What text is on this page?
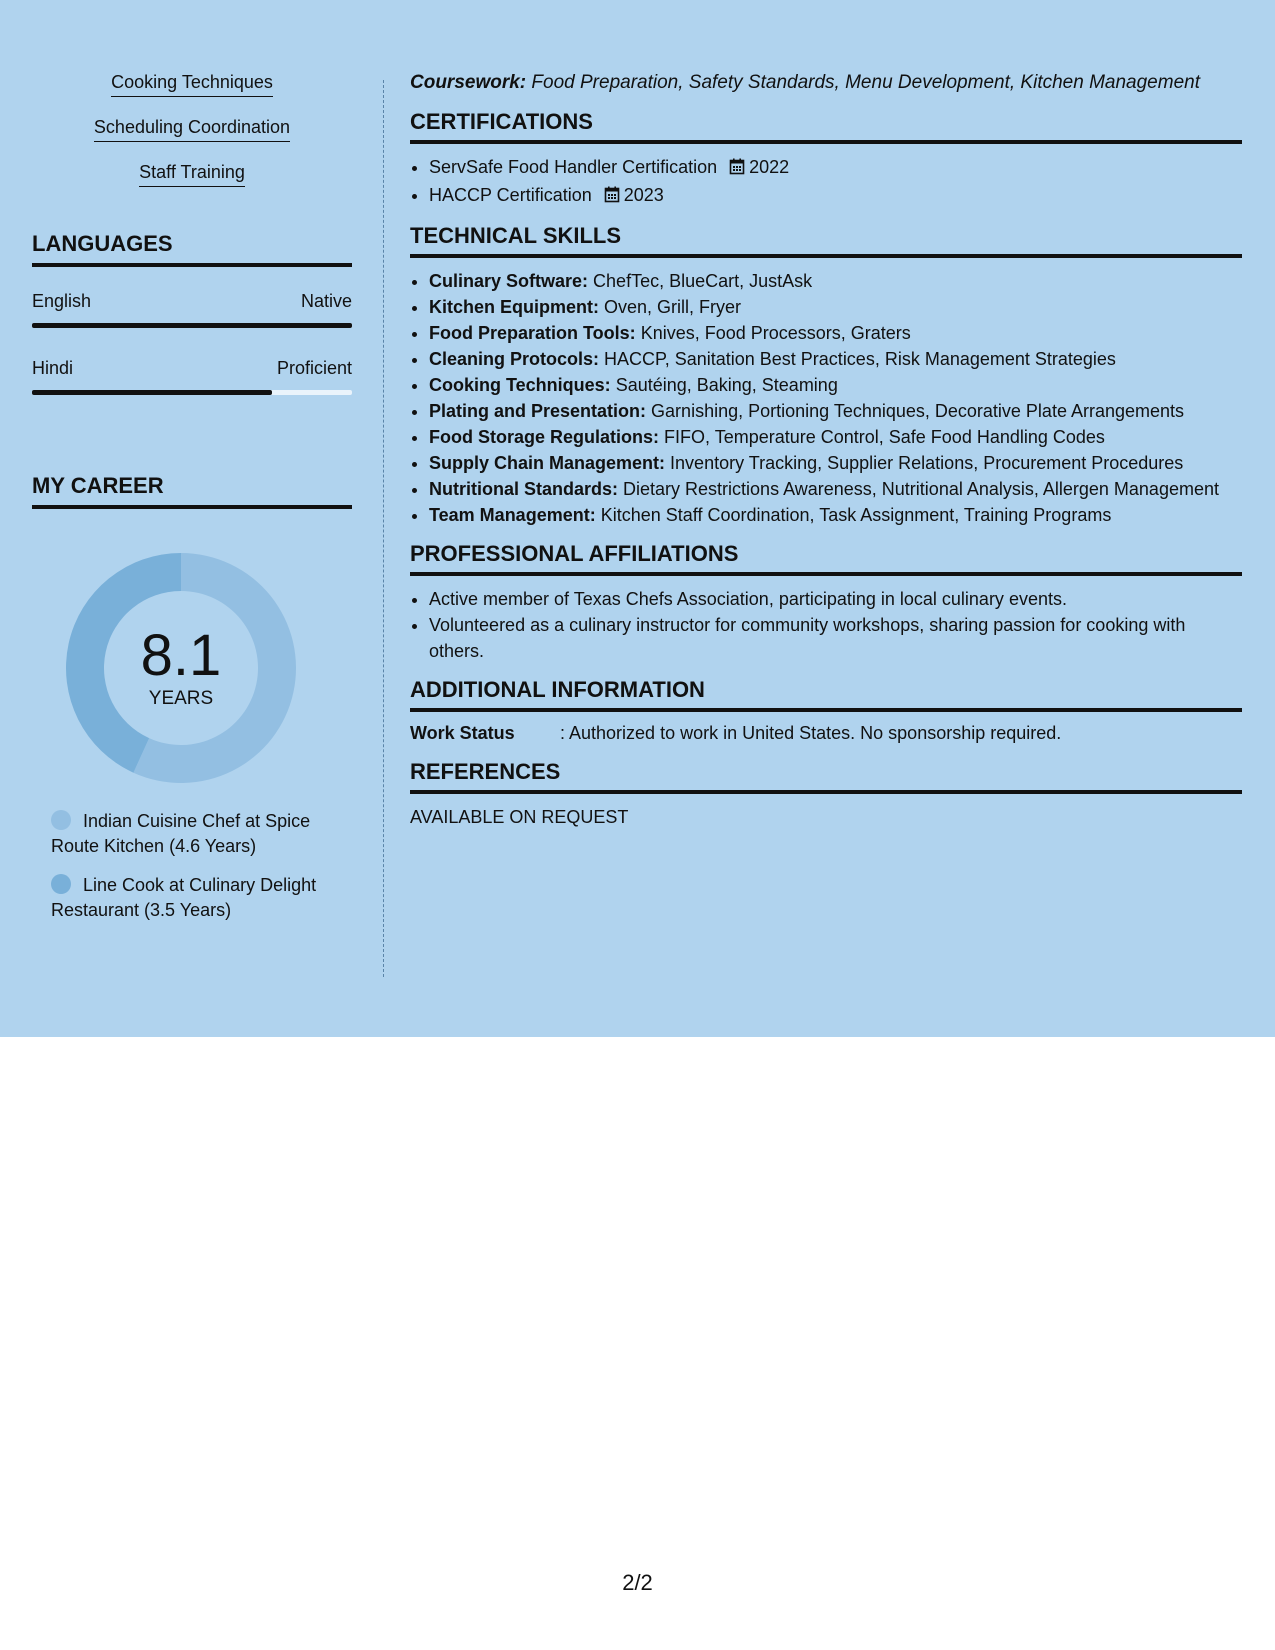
Cooking Techniques
Scheduling Coordination
Staff Training
LANGUAGES
English	Native
Hindi	Proficient
MY CAREER
8.1
YEARS
Indian Cuisine Chef at Spice Route Kitchen (4.6 Years)
Line Cook at Culinary Delight Restaurant (3.5 Years)
Coursework: Food Preparation, Safety Standards, Menu Development, Kitchen Management
CERTIFICATIONS
• ServSafe Food Handler Certification 2022
• HACCP Certification 2023
TECHNICAL SKILLS
• Culinary Software: ChefTec, BlueCart, JustAsk
• Kitchen Equipment: Oven, Grill, Fryer
• Food Preparation Tools: Knives, Food Processors, Graters
• Cleaning Protocols: HACCP, Sanitation Best Practices, Risk Management Strategies
• Cooking Techniques: Sautéing, Baking, Steaming
• Plating and Presentation: Garnishing, Portioning Techniques, Decorative Plate Arrangements
• Food Storage Regulations: FIFO, Temperature Control, Safe Food Handling Codes
• Supply Chain Management: Inventory Tracking, Supplier Relations, Procurement Procedures
• Nutritional Standards: Dietary Restrictions Awareness, Nutritional Analysis, Allergen Management
• Team Management: Kitchen Staff Coordination, Task Assignment, Training Programs
PROFESSIONAL AFFILIATIONS
• Active member of Texas Chefs Association, participating in local culinary events.
• Volunteered as a culinary instructor for community workshops, sharing passion for cooking with others.
ADDITIONAL INFORMATION
Work Status	: Authorized to work in United States. No sponsorship required.
REFERENCES
AVAILABLE ON REQUEST
2/2
